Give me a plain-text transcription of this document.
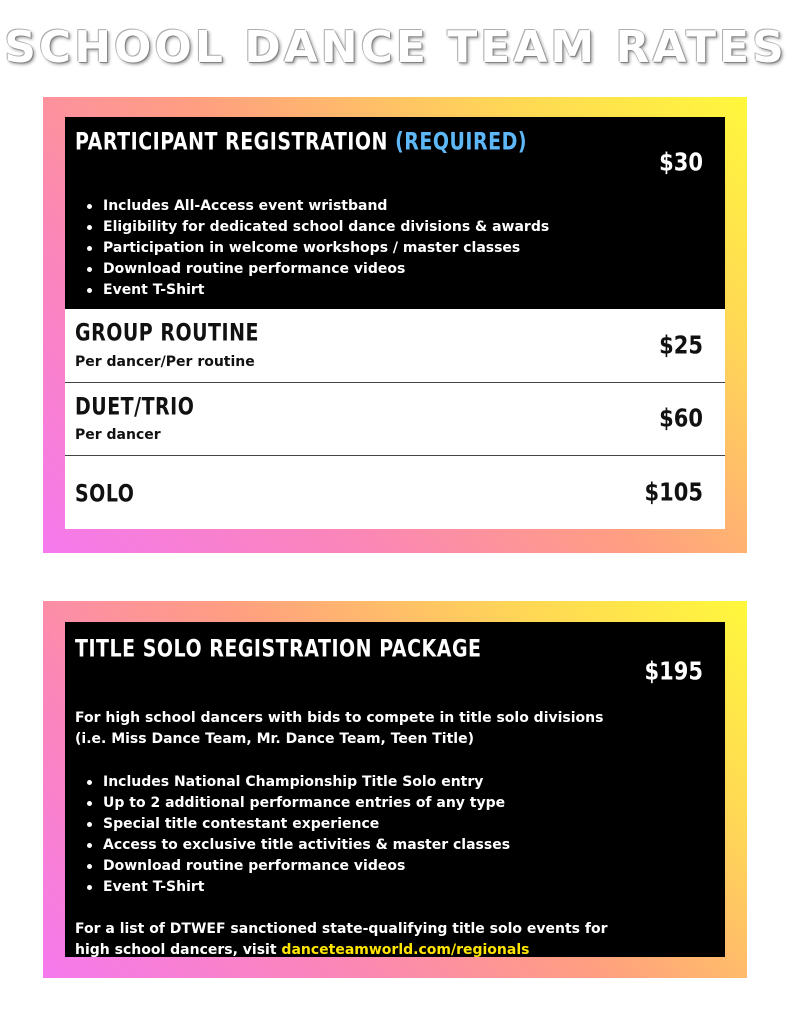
SCHOOL DANCE TEAM RATES
PARTICIPANT REGISTRATION (REQUIRED)
$30
Includes All-Access event wristband
Eligibility for dedicated school dance divisions & awards
Participation in welcome workshops / master classes
Download routine performance videos
Event T-Shirt
GROUP ROUTINE
Per dancer/Per routine
$25
DUET/TRIO
Per dancer
$60
SOLO	$105
TITLE SOLO REGISTRATION PACKAGE
$195
For high school dancers with bids to compete in title solo divisions
(i.e. Miss Dance Team, Mr. Dance Team, Teen Title)
Includes National Championship Title Solo entry
Up to 2 additional performance entries of any type
Special title contestant experience
Access to exclusive title activities & master classes
Download routine performance videos
Event T-Shirt
For a list of DTWEF sanctioned state-qualifying title solo events for
high school dancers, visit danceteamworld.com/regionals
